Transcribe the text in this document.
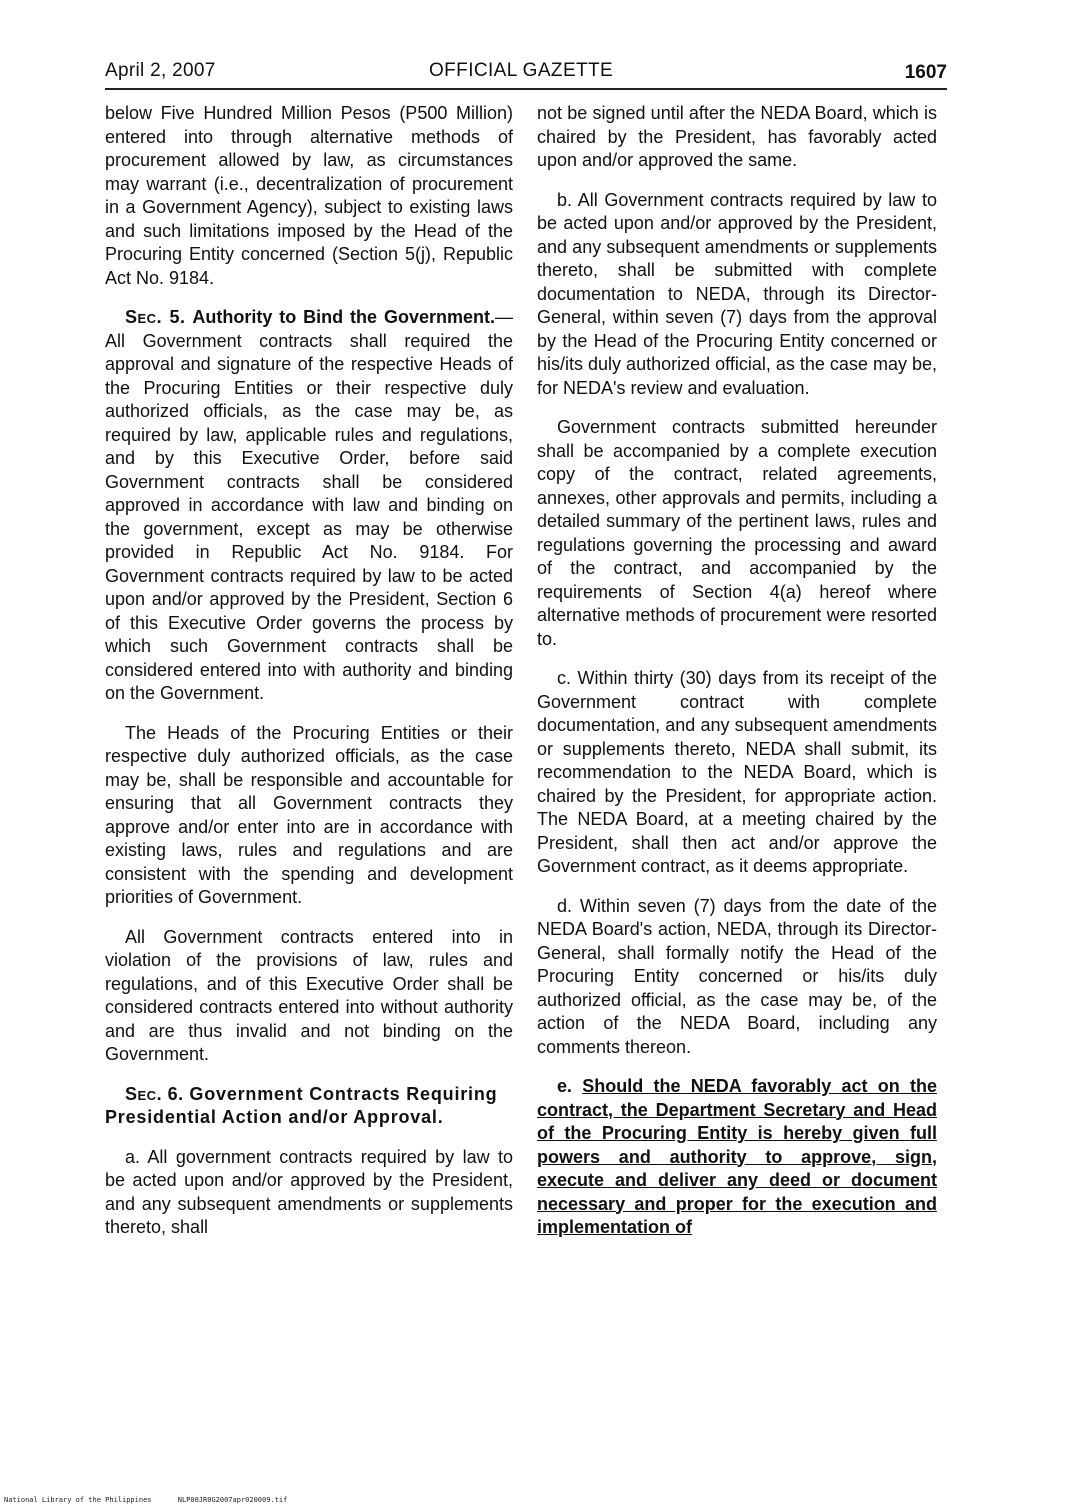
April 2, 2007	OFFICIAL GAZETTE	1607

below Five Hundred Million Pesos (P500 Million) entered into through alternative methods of procurement allowed by law, as circumstances may warrant (i.e., decentralization of procurement in a Government Agency), subject to existing laws and such limitations imposed by the Head of the Procuring Entity concerned (Section 5(j), Republic Act No. 9184.

Sec. 5. Authority to Bind the Government.—All Government contracts shall required the approval and signature of the respective Heads of the Procuring Entities or their respective duly authorized officials, as the case may be, as required by law, applicable rules and regulations, and by this Executive Order, before said Government contracts shall be considered approved in accordance with law and binding on the government, except as may be otherwise provided in Republic Act No. 9184. For Government contracts required by law to be acted upon and/or approved by the President, Section 6 of this Executive Order governs the process by which such Government contracts shall be considered entered into with authority and binding on the Government.

The Heads of the Procuring Entities or their respective duly authorized officials, as the case may be, shall be responsible and accountable for ensuring that all Government contracts they approve and/or enter into are in accordance with existing laws, rules and regulations and are consistent with the spending and development priorities of Government.

All Government contracts entered into in violation of the provisions of law, rules and regulations, and of this Executive Order shall be considered contracts entered into without authority and are thus invalid and not binding on the Government.

Sec. 6. Government Contracts Requiring Presidential Action and/or Approval.

a. All government contracts required by law to be acted upon and/or approved by the President, and any subsequent amendments or supplements thereto, shall

not be signed until after the NEDA Board, which is chaired by the President, has favorably acted upon and/or approved the same.

b. All Government contracts required by law to be acted upon and/or approved by the President, and any subsequent amendments or supplements thereto, shall be submitted with complete documentation to NEDA, through its Director-General, within seven (7) days from the approval by the Head of the Procuring Entity concerned or his/its duly authorized official, as the case may be, for NEDA's review and evaluation.

Government contracts submitted hereunder shall be accompanied by a complete execution copy of the contract, related agreements, annexes, other approvals and permits, including a detailed summary of the pertinent laws, rules and regulations governing the processing and award of the contract, and accompanied by the requirements of Section 4(a) hereof where alternative methods of procurement were resorted to.

c. Within thirty (30) days from its receipt of the Government contract with complete documentation, and any subsequent amendments or supplements thereto, NEDA shall submit, its recommendation to the NEDA Board, which is chaired by the President, for appropriate action. The NEDA Board, at a meeting chaired by the President, shall then act and/or approve the Government contract, as it deems appropriate.

d. Within seven (7) days from the date of the NEDA Board's action, NEDA, through its Director-General, shall formally notify the Head of the Procuring Entity concerned or his/its duly authorized official, as the case may be, of the action of the NEDA Board, including any comments thereon.

e. Should the NEDA favorably act on the contract, the Department Secretary and Head of the Procuring Entity is hereby given full powers and authority to approve, sign, execute and deliver any deed or document necessary and proper for the execution and implementation of

National Library of the Philippines	NLP00JR0G2007apr020009.tif
